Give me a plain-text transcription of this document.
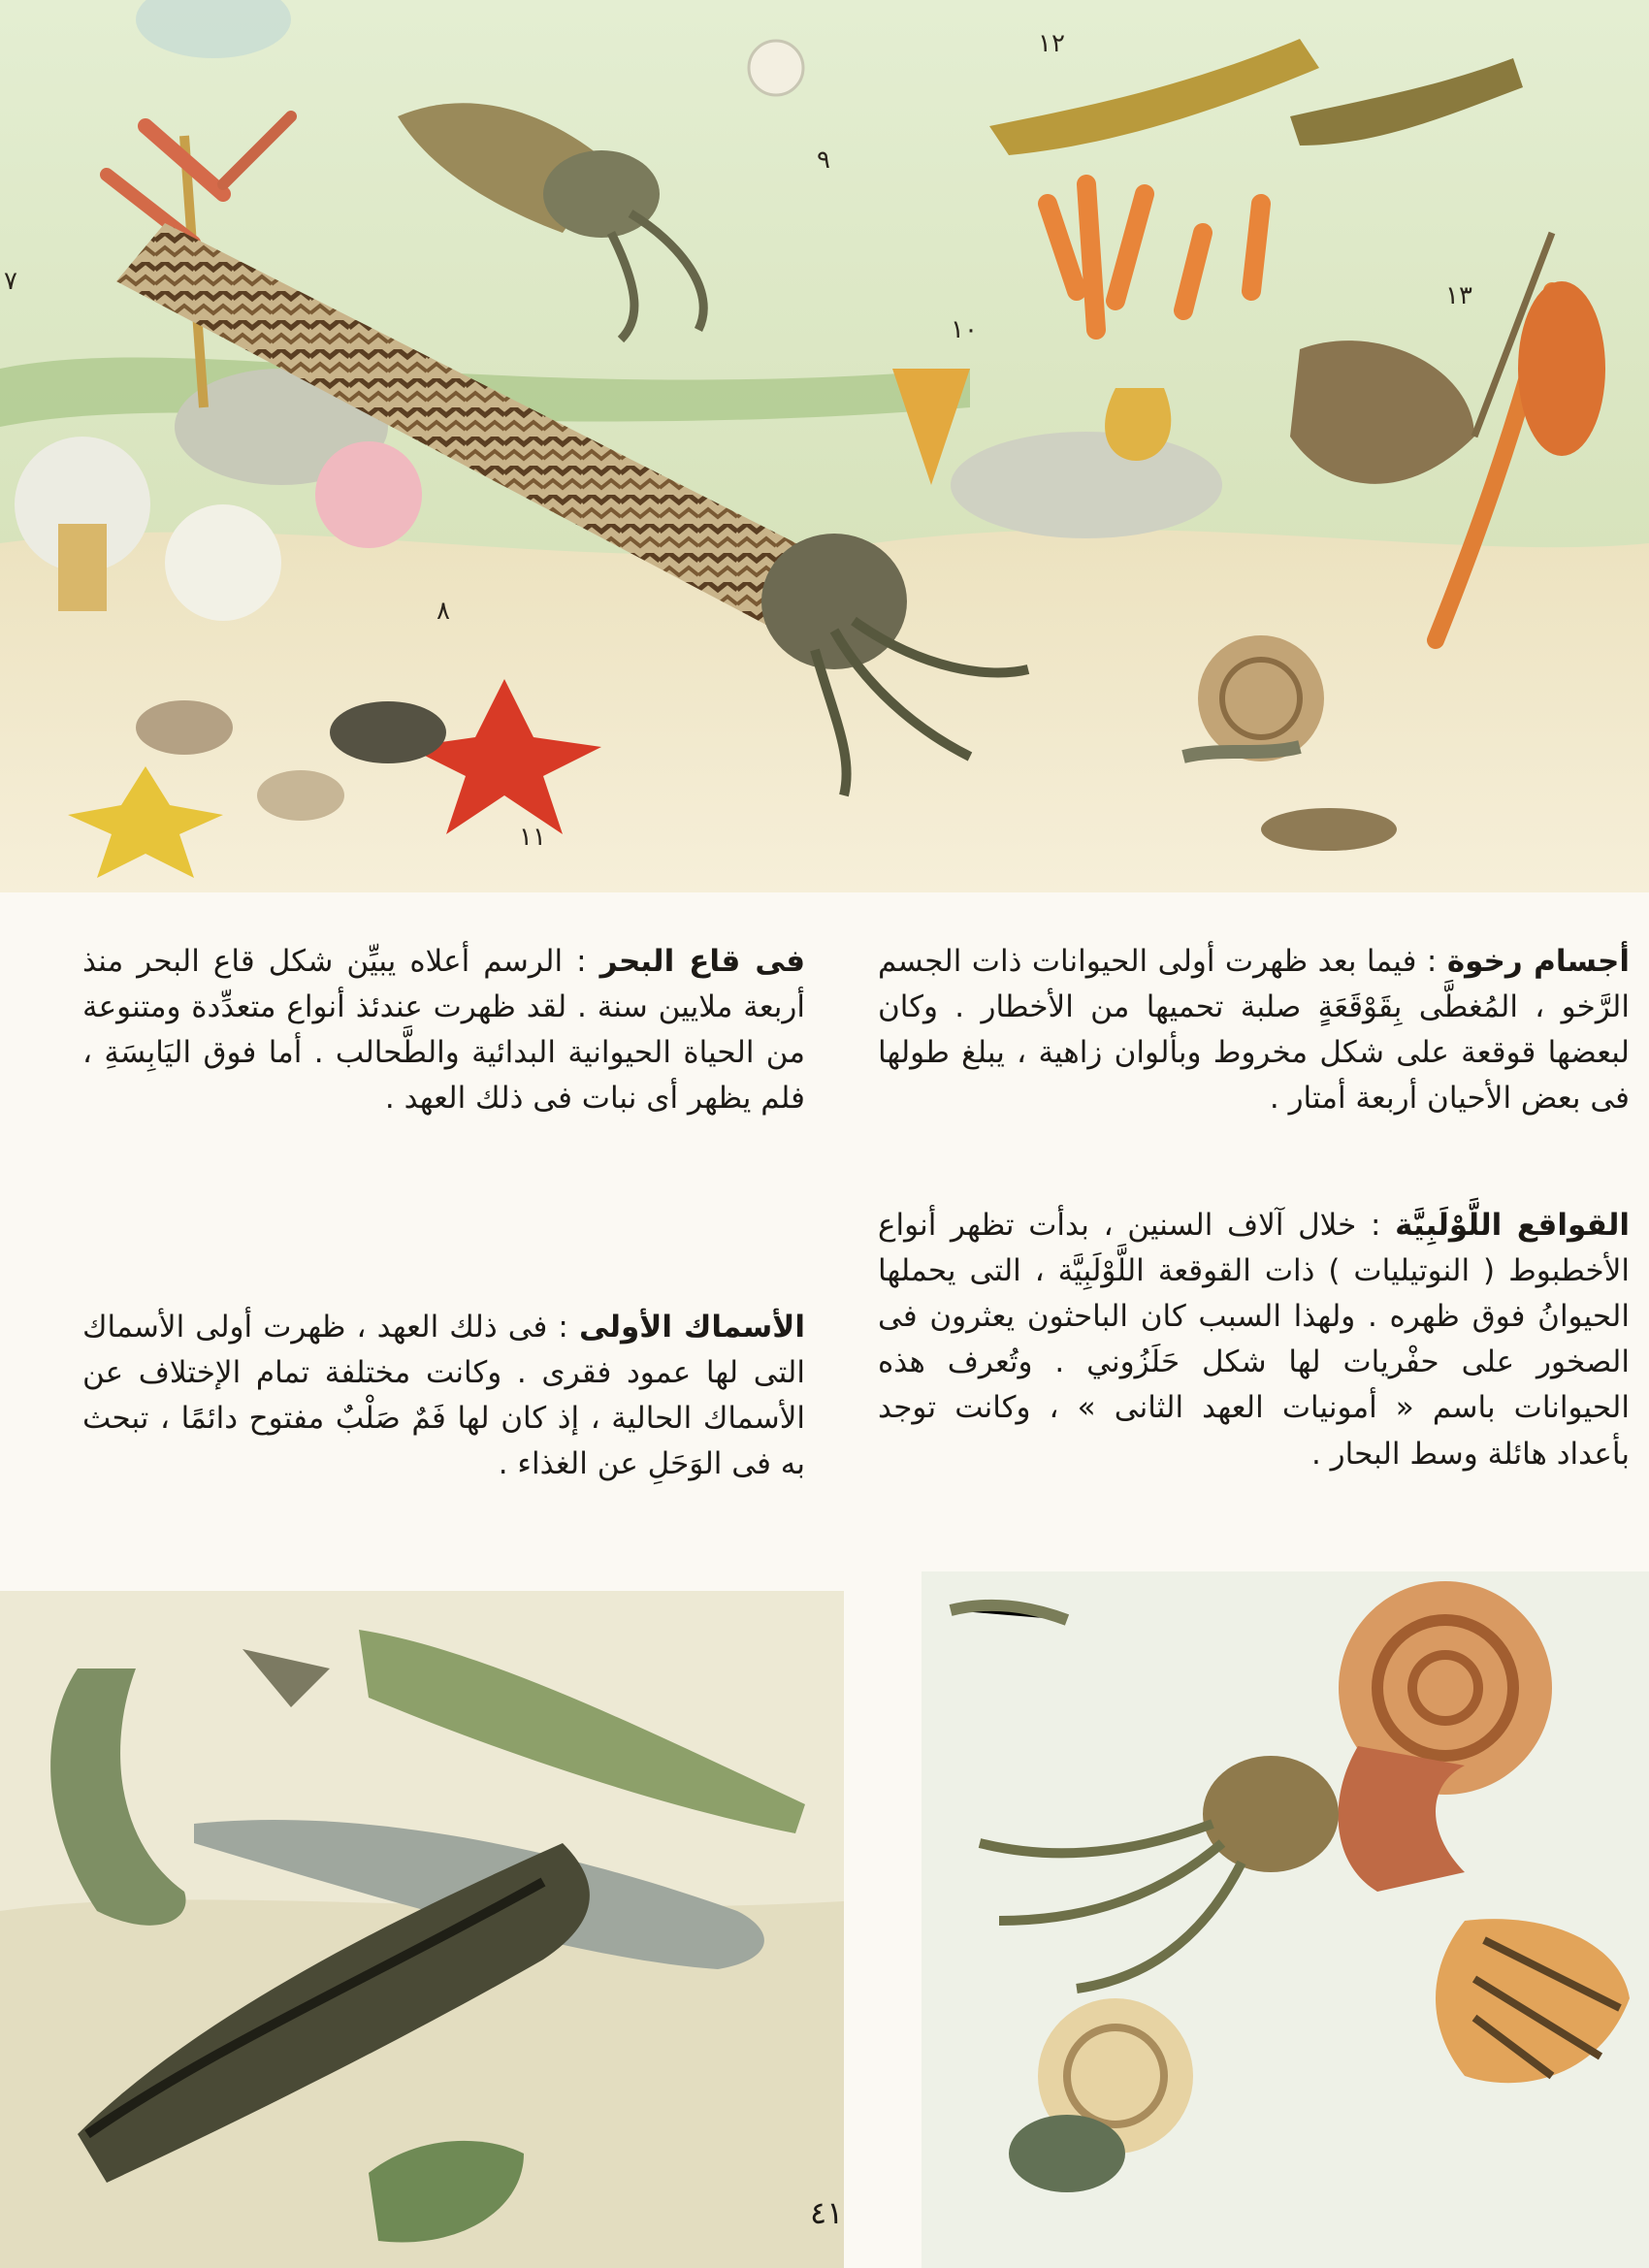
٧
٨
٩
١٠
١١
١٢
١٣
أجسام رخوة : فيما بعد ظهرت أولى الحيوانات ذات الجسم الرَّخو ، المُغطَّى بِقَوْقَعَةٍ صلبة تحميها من الأخطار . وكان لبعضها قوقعة على شكل مخروط وبألوان زاهية ، يبلغ طولها فى بعض الأحيان أربعة أمتار .
فى قاع البحر : الرسم أعلاه يبيِّن شكل قاع البحر منذ أربعة ملايين سنة . لقد ظهرت عندئذ أنواع متعدِّدة ومتنوعة من الحياة الحيوانية البدائية والطَّحالب . أما فوق اليَابِسَةِ ، فلم يظهر أى نبات فى ذلك العهد .
القواقع اللَّوْلَبِيَّة : خلال آلاف السنين ، بدأت تظهر أنواع الأخطبوط ( النوتيليات ) ذات القوقعة اللَّوْلَبِيَّة ، التى يحملها الحيوانُ فوق ظهره . ولهذا السبب كان الباحثون يعثرون فى الصخور على حفْريات لها شكل حَلَزُوني . وتُعرف هذه الحيوانات باسم « أمونيات العهد الثانى » ، وكانت توجد بأعداد هائلة وسط البحار .
الأسماك الأولى : فى ذلك العهد ، ظهرت أولى الأسماك التى لها عمود فقرى . وكانت مختلفة تمام الإختلاف عن الأسماك الحالية ، إذ كان لها فَمٌ صَلْبٌ مفتوح دائمًا ، تبحث به فى الوَحَلِ عن الغذاء .
٤١
